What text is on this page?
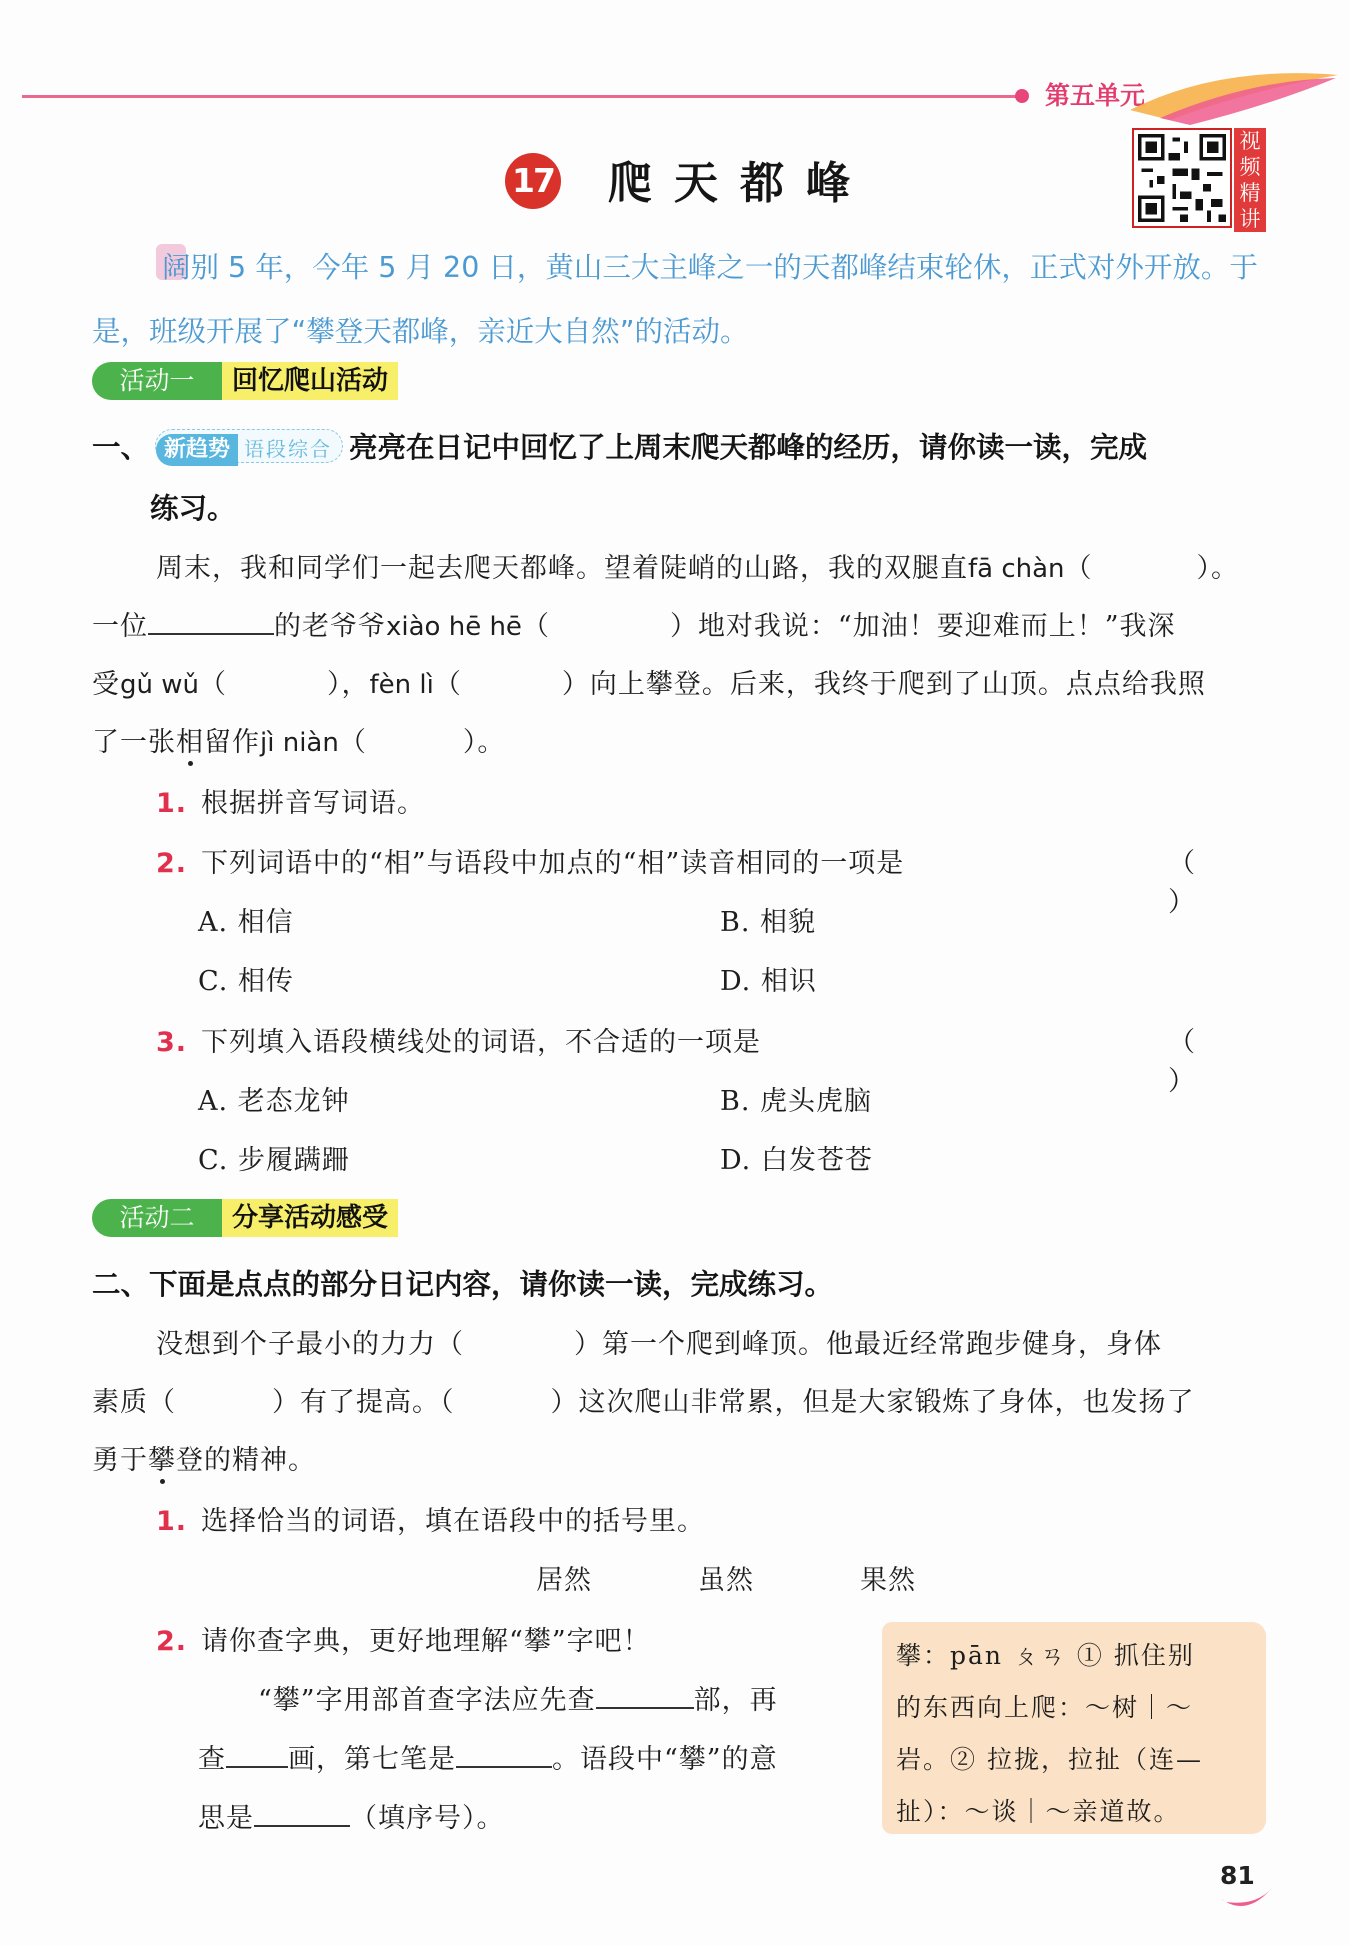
第五单元
17 爬天都峰
视频精讲
阔别 5 年，今年 5 月 20 日，黄山三大主峰之一的天都峰结束轮休，正式对外开放。于是，班级开展了“攀登天都峰，亲近大自然”的活动。
活动一	回忆爬山活动
一、 新趋势 语段综合 亮亮在日记中回忆了上周末爬天都峰的经历，请你读一读，完成
练习。
周末，我和同学们一起去爬天都峰。望着陡峭的山路，我的双腿直fā chàn（	）。
一位	的老爷爷xiào hē hē（	）地对我说：“加油！要迎难而上！”我深
受gǔ wǔ（	），fèn lì（	）向上攀登。后来，我终于爬到了山顶。点点给我照
了一张相留作jì niàn（	）。
1. 根据拼音写词语。
2. 下列词语中的“相”与语段中加点的“相”读音相同的一项是	（ ）
A. 相信	B. 相貌
C. 相传	D. 相识
3. 下列填入语段横线处的词语，不合适的一项是	（ ）
A. 老态龙钟	B. 虎头虎脑
C. 步履蹒跚	D. 白发苍苍
活动二	分享活动感受
二、下面是点点的部分日记内容，请你读一读，完成练习。
没想到个子最小的力力（	）第一个爬到峰顶。他最近经常跑步健身，身体
素质（	）有了提高。（	）这次爬山非常累，但是大家锻炼了身体，也发扬了
勇于攀登的精神。
1. 选择恰当的词语，填在语段中的括号里。
居然	虽然	果然
2. 请你查字典，更好地理解“攀”字吧！
“攀”字用部首查字法应先查	部，再
查 画，第七笔是	。语段中“攀”的意
思是	（填序号）。
攀：pān ㄆㄢ ① 抓住别
的东西向上爬：～树｜～
岩。② 拉拢，拉扯（连—
扯）：～谈｜～亲道故。
81
